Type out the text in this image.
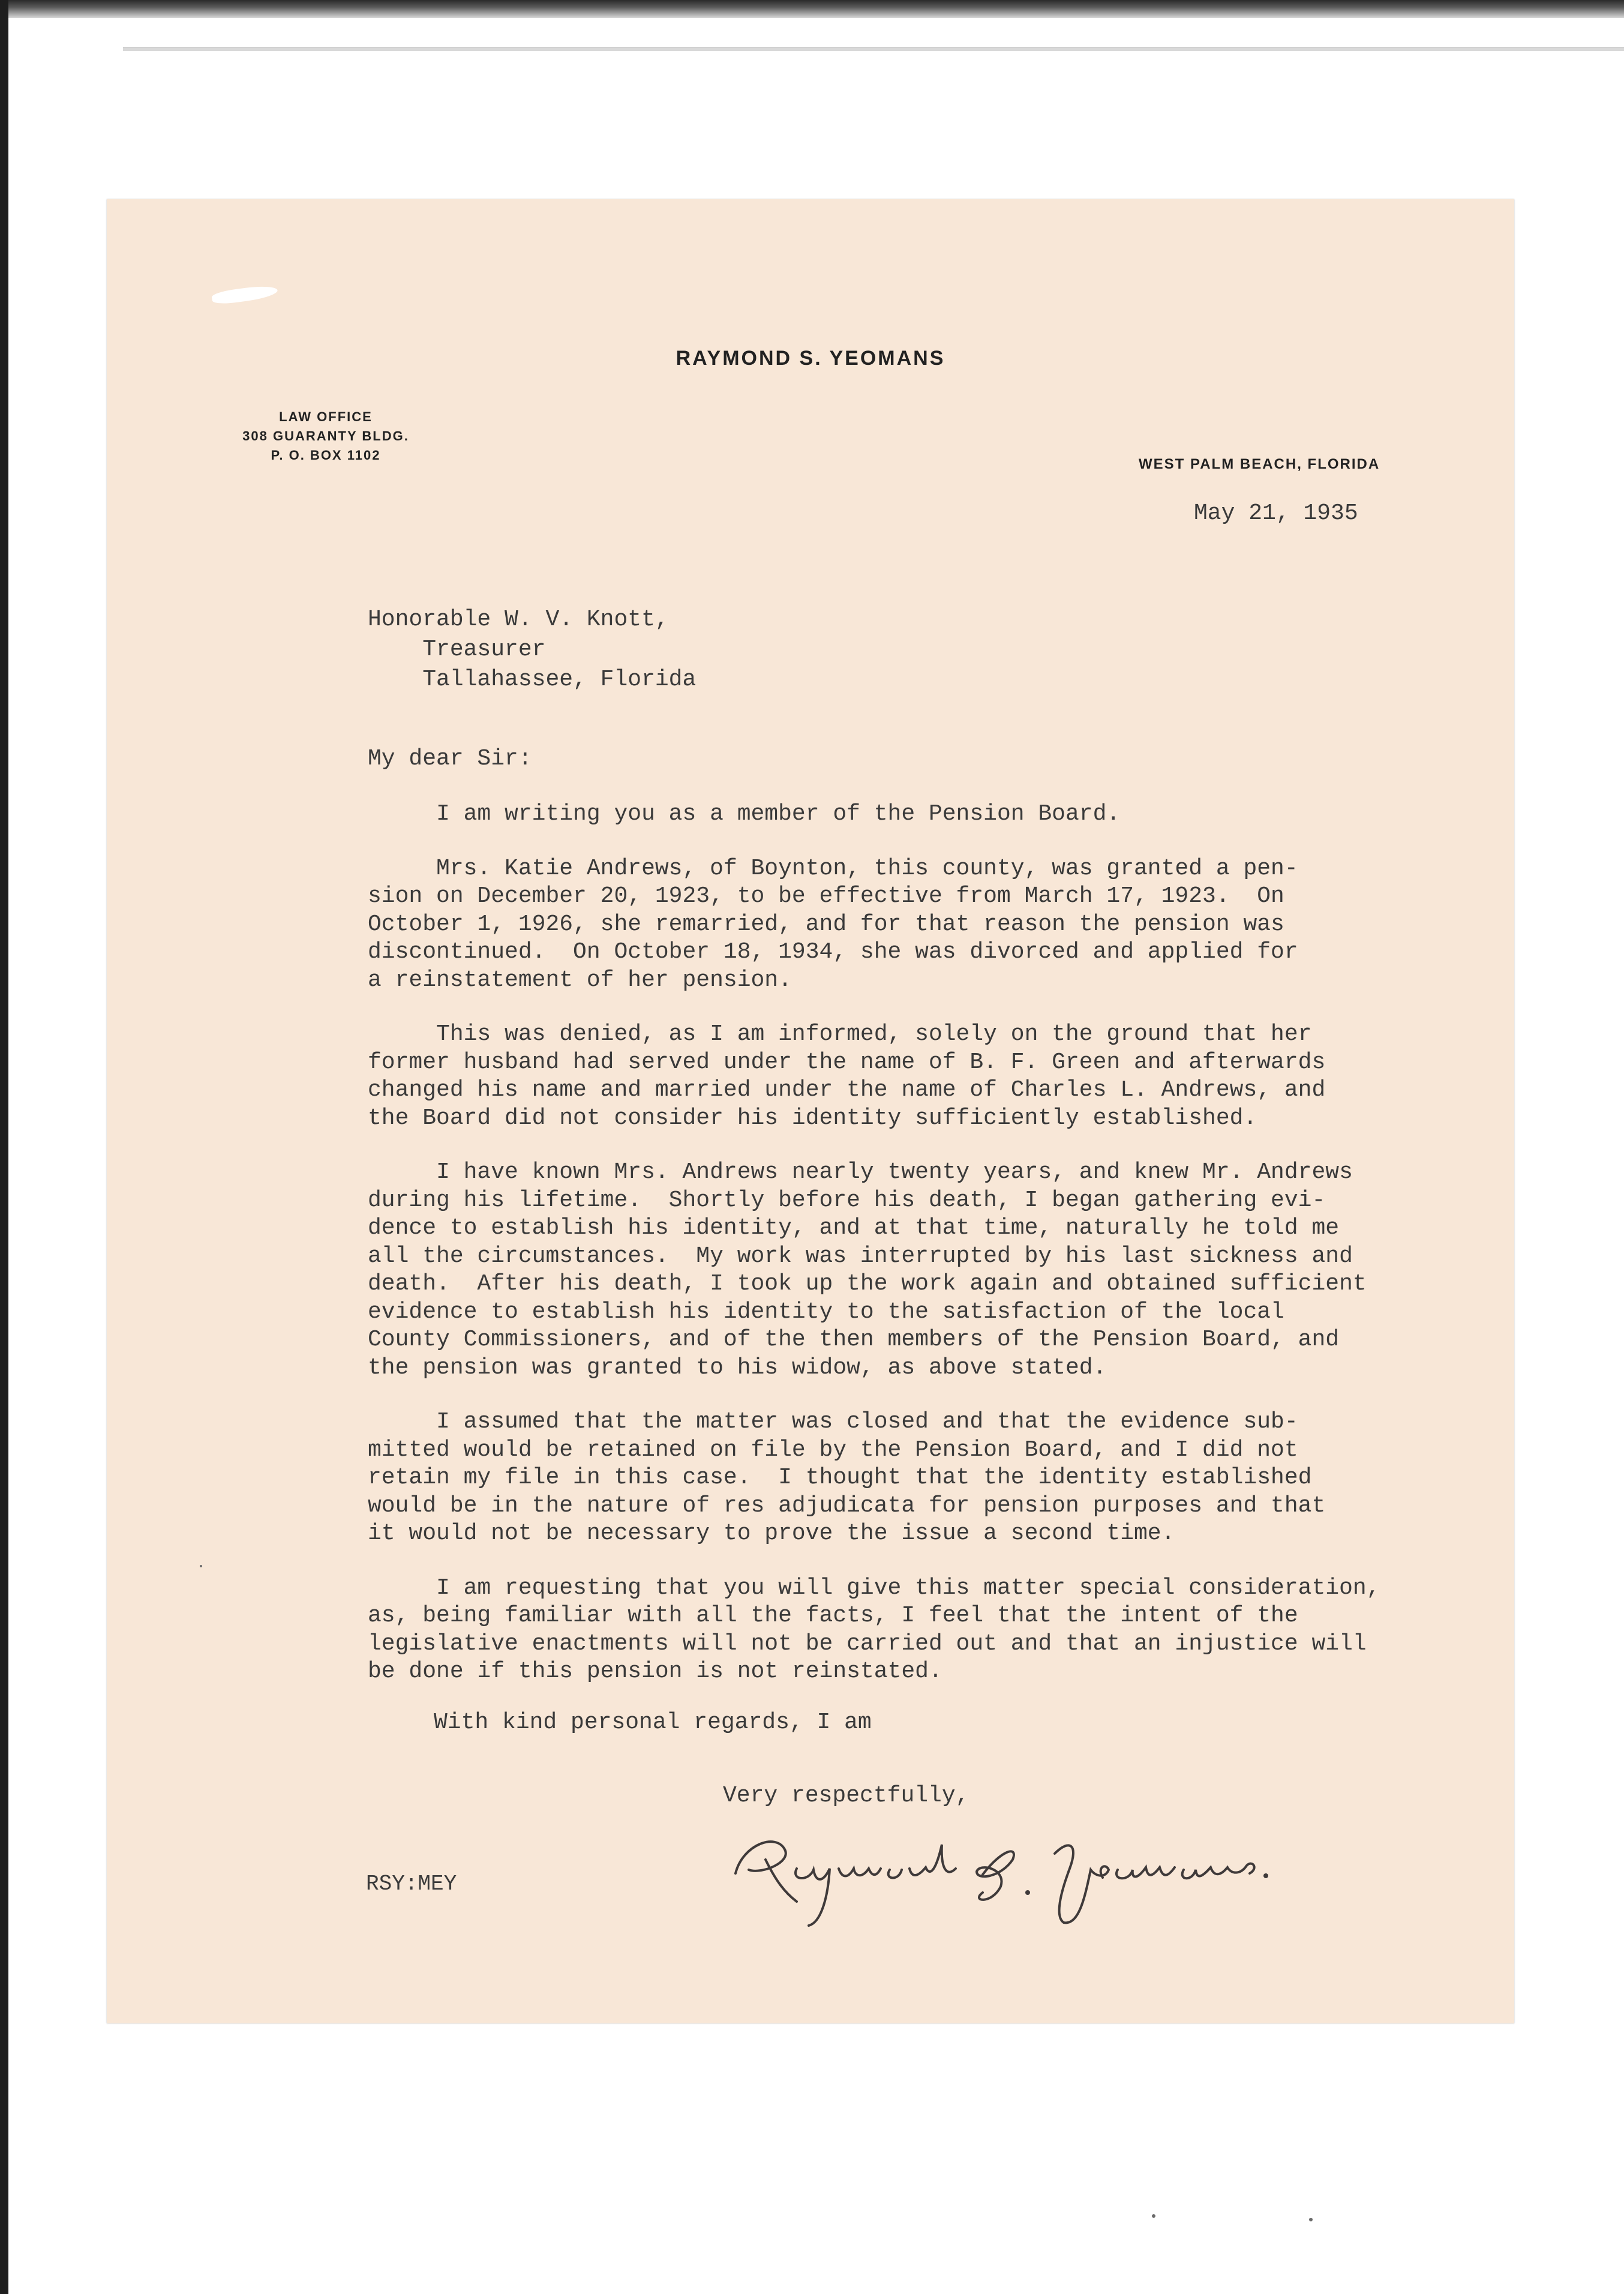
RAYMOND S. YEOMANS
LAW OFFICE
308 GUARANTY BLDG.
P. O. BOX 1102
WEST PALM BEACH, FLORIDA
May 21, 1935
Honorable W. V. Knott,
Treasurer
Tallahassee, Florida
My dear Sir:
I am writing you as a member of the Pension Board.
Mrs. Katie Andrews, of Boynton, this county, was granted a pen-
sion on December 20, 1923, to be effective from March 17, 1923.  On
October 1, 1926, she remarried, and for that reason the pension was
discontinued.  On October 18, 1934, she was divorced and applied for
a reinstatement of her pension.
This was denied, as I am informed, solely on the ground that her
former husband had served under the name of B. F. Green and afterwards
changed his name and married under the name of Charles L. Andrews, and
the Board did not consider his identity sufficiently established.
I have known Mrs. Andrews nearly twenty years, and knew Mr. Andrews
during his lifetime.  Shortly before his death, I began gathering evi-
dence to establish his identity, and at that time, naturally he told me
all the circumstances.  My work was interrupted by his last sickness and
death.  After his death, I took up the work again and obtained sufficient
evidence to establish his identity to the satisfaction of the local
County Commissioners, and of the then members of the Pension Board, and
the pension was granted to his widow, as above stated.
I assumed that the matter was closed and that the evidence sub-
mitted would be retained on file by the Pension Board, and I did not
retain my file in this case.  I thought that the identity established
would be in the nature of res adjudicata for pension purposes and that
it would not be necessary to prove the issue a second time.
I am requesting that you will give this matter special consideration,
as, being familiar with all the facts, I feel that the intent of the
legislative enactments will not be carried out and that an injustice will
be done if this pension is not reinstated.
With kind personal regards, I am
Very respectfully,
RSY:MEY
